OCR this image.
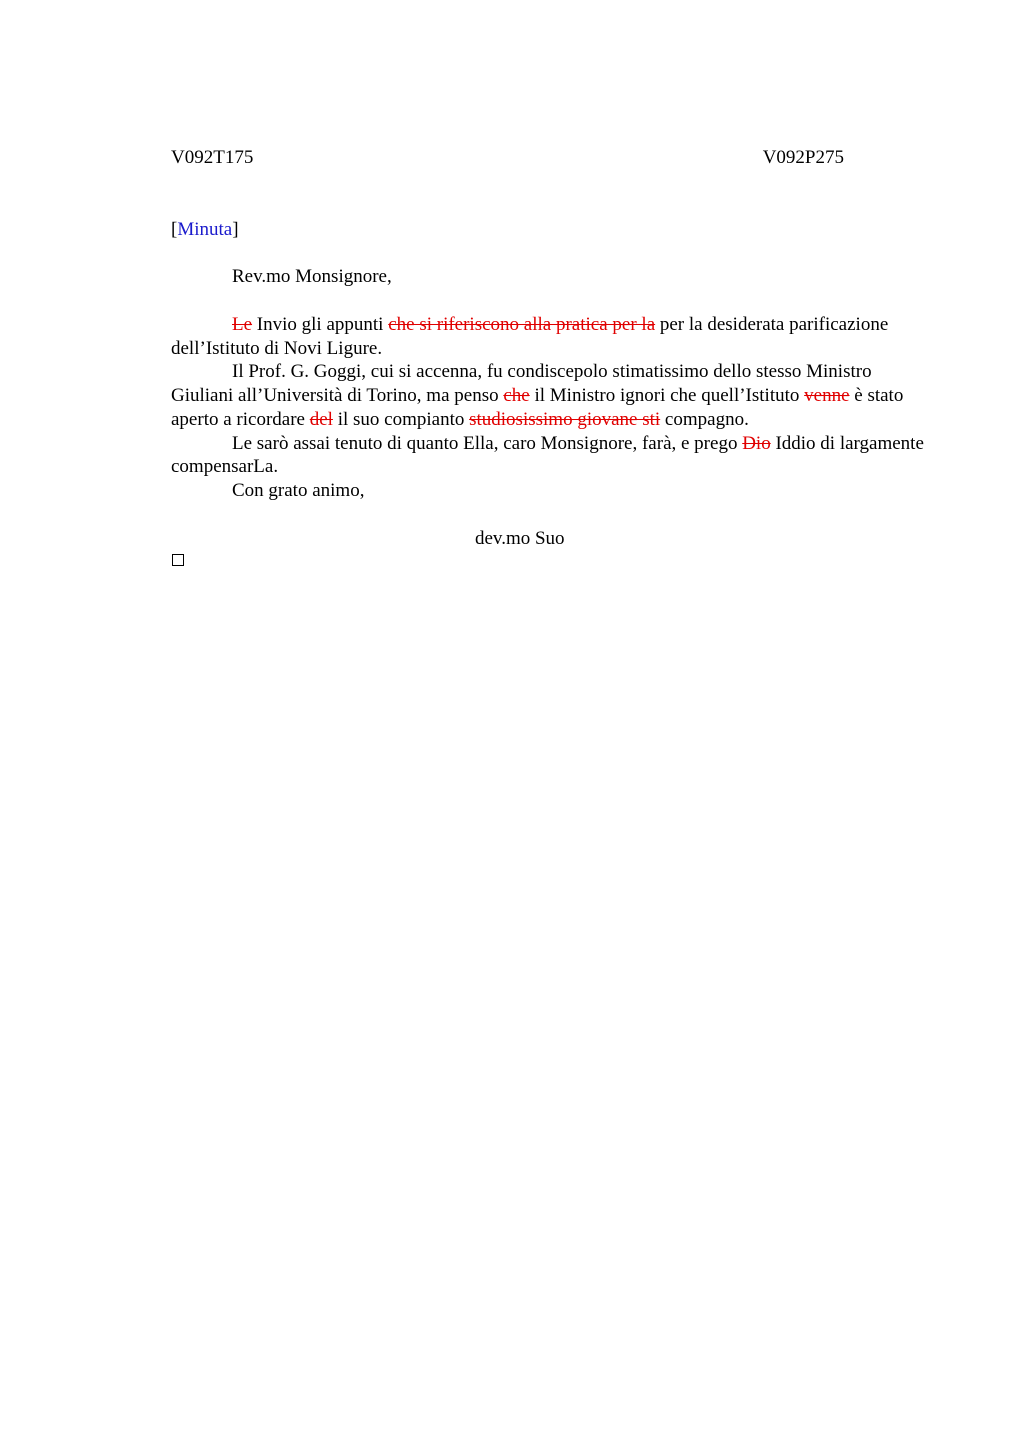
V092T175	V092P275
[Minuta]
Rev.mo Monsignore,

Le Invio gli appunti che si riferiscono alla pratica per la per la desiderata parificazione dell’Istituto di Novi Ligure.

Il Prof. G. Goggi, cui si accenna, fu condiscepolo stimatissimo dello stesso Ministro Giuliani all’Università di Torino, ma penso che il Ministro ignori che quell’Istituto venne è stato aperto a ricordare del il suo compianto studiosissimo giovane sti compagno.

Le sarò assai tenuto di quanto Ella, caro Monsignore, farà, e prego Dio Iddio di largamente compensarLa.

Con grato animo,

dev.mo Suo
